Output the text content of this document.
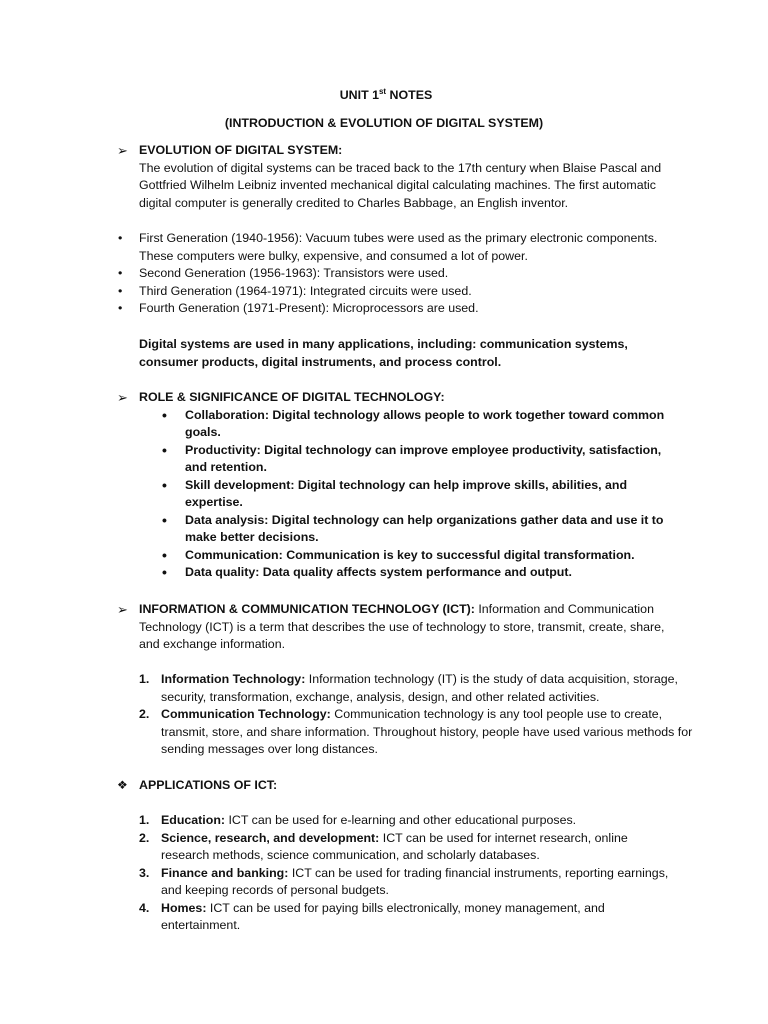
UNIT 1st NOTES
(INTRODUCTION & EVOLUTION OF DIGITAL SYSTEM)
➢ EVOLUTION OF DIGITAL SYSTEM:
The evolution of digital systems can be traced back to the 17th century when Blaise Pascal and Gottfried Wilhelm Leibniz invented mechanical digital calculating machines. The first automatic digital computer is generally credited to Charles Babbage, an English inventor.
• First Generation (1940-1956): Vacuum tubes were used as the primary electronic components. These computers were bulky, expensive, and consumed a lot of power.
• Second Generation (1956-1963): Transistors were used.
• Third Generation (1964-1971): Integrated circuits were used.
• Fourth Generation (1971-Present): Microprocessors are used.
Digital systems are used in many applications, including: communication systems, consumer products, digital instruments, and process control.
➢ ROLE & SIGNIFICANCE OF DIGITAL TECHNOLOGY:
• Collaboration: Digital technology allows people to work together toward common goals.
• Productivity: Digital technology can improve employee productivity, satisfaction, and retention.
• Skill development: Digital technology can help improve skills, abilities, and expertise.
• Data analysis: Digital technology can help organizations gather data and use it to make better decisions.
• Communication: Communication is key to successful digital transformation.
• Data quality: Data quality affects system performance and output.
➢ INFORMATION & COMMUNICATION TECHNOLOGY (ICT): Information and Communication Technology (ICT) is a term that describes the use of technology to store, transmit, create, share, and exchange information.
1. Information Technology: Information technology (IT) is the study of data acquisition, storage, security, transformation, exchange, analysis, design, and other related activities.
2. Communication Technology: Communication technology is any tool people use to create, transmit, store, and share information. Throughout history, people have used various methods for sending messages over long distances.
❖ APPLICATIONS OF ICT:
1. Education: ICT can be used for e-learning and other educational purposes.
2. Science, research, and development: ICT can be used for internet research, online research methods, science communication, and scholarly databases.
3. Finance and banking: ICT can be used for trading financial instruments, reporting earnings, and keeping records of personal budgets.
4. Homes: ICT can be used for paying bills electronically, money management, and entertainment.
